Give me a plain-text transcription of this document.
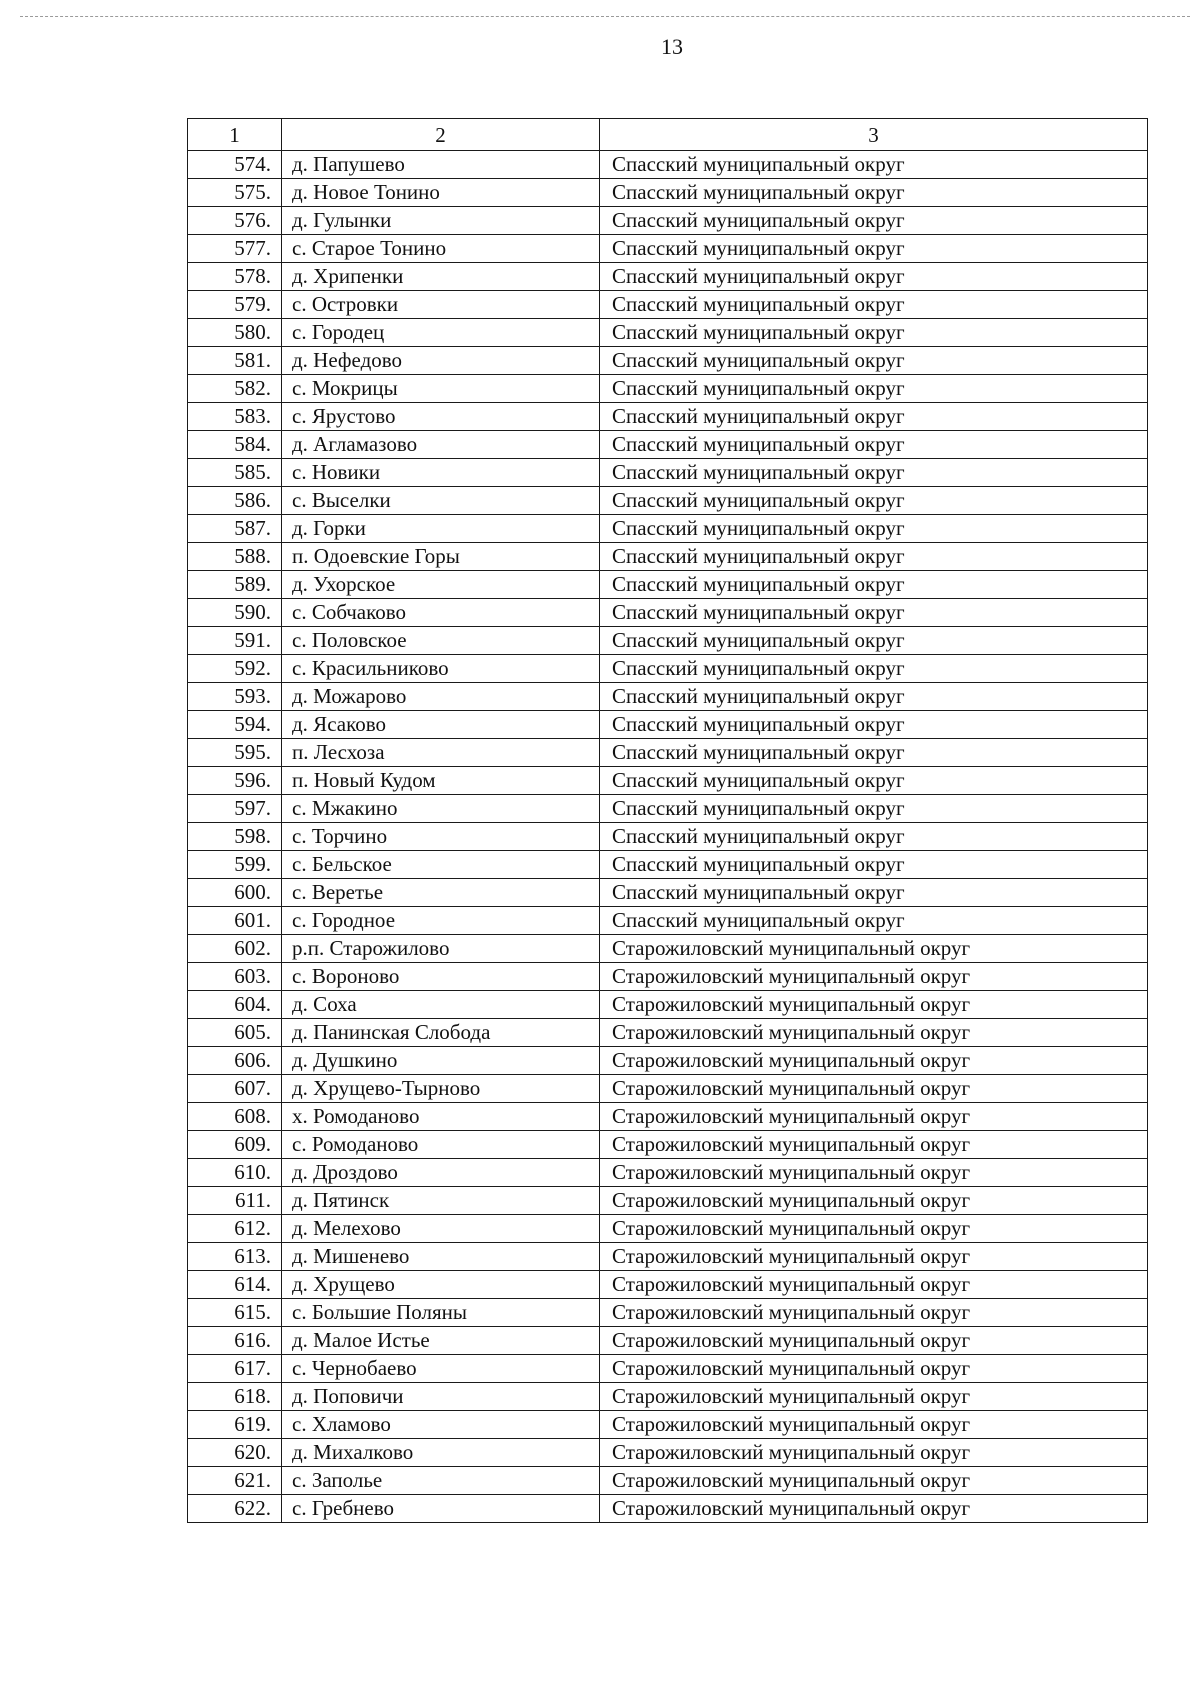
13
1	2	3
574.	д. Папушево	Спасский муниципальный округ
575.	д. Новое Тонино	Спасский муниципальный округ
576.	д. Гулынки	Спасский муниципальный округ
577.	с. Старое Тонино	Спасский муниципальный округ
578.	д. Хрипенки	Спасский муниципальный округ
579.	с. Островки	Спасский муниципальный округ
580.	с. Городец	Спасский муниципальный округ
581.	д. Нефедово	Спасский муниципальный округ
582.	с. Мокрицы	Спасский муниципальный округ
583.	с. Ярустово	Спасский муниципальный округ
584.	д. Агламазово	Спасский муниципальный округ
585.	с. Новики	Спасский муниципальный округ
586.	с. Выселки	Спасский муниципальный округ
587.	д. Горки	Спасский муниципальный округ
588.	п. Одоевские Горы	Спасский муниципальный округ
589.	д. Ухорское	Спасский муниципальный округ
590.	с. Собчаково	Спасский муниципальный округ
591.	с. Половское	Спасский муниципальный округ
592.	с. Красильниково	Спасский муниципальный округ
593.	д. Можарово	Спасский муниципальный округ
594.	д. Ясаково	Спасский муниципальный округ
595.	п. Лесхоза	Спасский муниципальный округ
596.	п. Новый Кудом	Спасский муниципальный округ
597.	с. Мжакино	Спасский муниципальный округ
598.	с. Торчино	Спасский муниципальный округ
599.	с. Бельское	Спасский муниципальный округ
600.	с. Веретье	Спасский муниципальный округ
601.	с. Городное	Спасский муниципальный округ
602.	р.п. Старожилово	Старожиловский муниципальный округ
603.	с. Вороново	Старожиловский муниципальный округ
604.	д. Соха	Старожиловский муниципальный округ
605.	д. Панинская Слобода	Старожиловский муниципальный округ
606.	д. Душкино	Старожиловский муниципальный округ
607.	д. Хрущево-Тырново	Старожиловский муниципальный округ
608.	х. Ромоданово	Старожиловский муниципальный округ
609.	с. Ромоданово	Старожиловский муниципальный округ
610.	д. Дроздово	Старожиловский муниципальный округ
611.	д. Пятинск	Старожиловский муниципальный округ
612.	д. Мелехово	Старожиловский муниципальный округ
613.	д. Мишенево	Старожиловский муниципальный округ
614.	д. Хрущево	Старожиловский муниципальный округ
615.	с. Большие Поляны	Старожиловский муниципальный округ
616.	д. Малое Истье	Старожиловский муниципальный округ
617.	с. Чернобаево	Старожиловский муниципальный округ
618.	д. Поповичи	Старожиловский муниципальный округ
619.	с. Хламово	Старожиловский муниципальный округ
620.	д. Михалково	Старожиловский муниципальный округ
621.	с. Заполье	Старожиловский муниципальный округ
622.	с. Гребнево	Старожиловский муниципальный округ
